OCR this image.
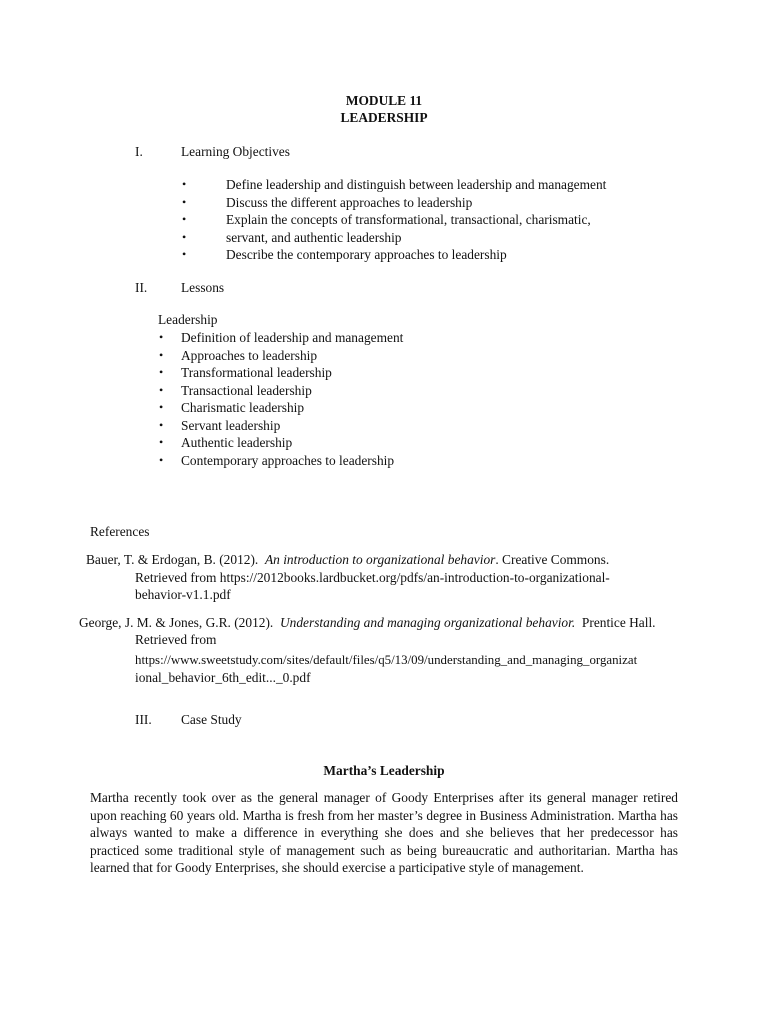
MODULE 11
LEADERSHIP
I.	Learning Objectives
•	Define leadership and distinguish between leadership and management
•	Discuss the different approaches to leadership
•	Explain the concepts of transformational, transactional, charismatic,
•	servant, and authentic leadership
•	Describe the contemporary approaches to leadership
II.	Lessons
Leadership
• Definition of leadership and management
• Approaches to leadership
• Transformational leadership
• Transactional leadership
• Charismatic leadership
• Servant leadership
• Authentic leadership
• Contemporary approaches to leadership
References
Bauer, T. & Erdogan, B. (2012). An introduction to organizational behavior. Creative Commons.
Retrieved from https://2012books.lardbucket.org/pdfs/an-introduction-to-organizational-
behavior-v1.1.pdf
George, J. M. & Jones, G.R. (2012). Understanding and managing organizational behavior. Prentice Hall.
Retrieved from
https://www.sweetstudy.com/sites/default/files/q5/13/09/understanding_and_managing_organizat
ional_behavior_6th_edit..._0.pdf
III. Case Study
Martha’s Leadership
Martha recently took over as the general manager of Goody Enterprises after its general manager retired upon reaching 60 years old. Martha is fresh from her master’s degree in Business Administration. Martha has always wanted to make a difference in everything she does and she believes that her predecessor has practiced some traditional style of management such as being bureaucratic and authoritarian. Martha has learned that for Goody Enterprises, she should exercise a participative style of management.
